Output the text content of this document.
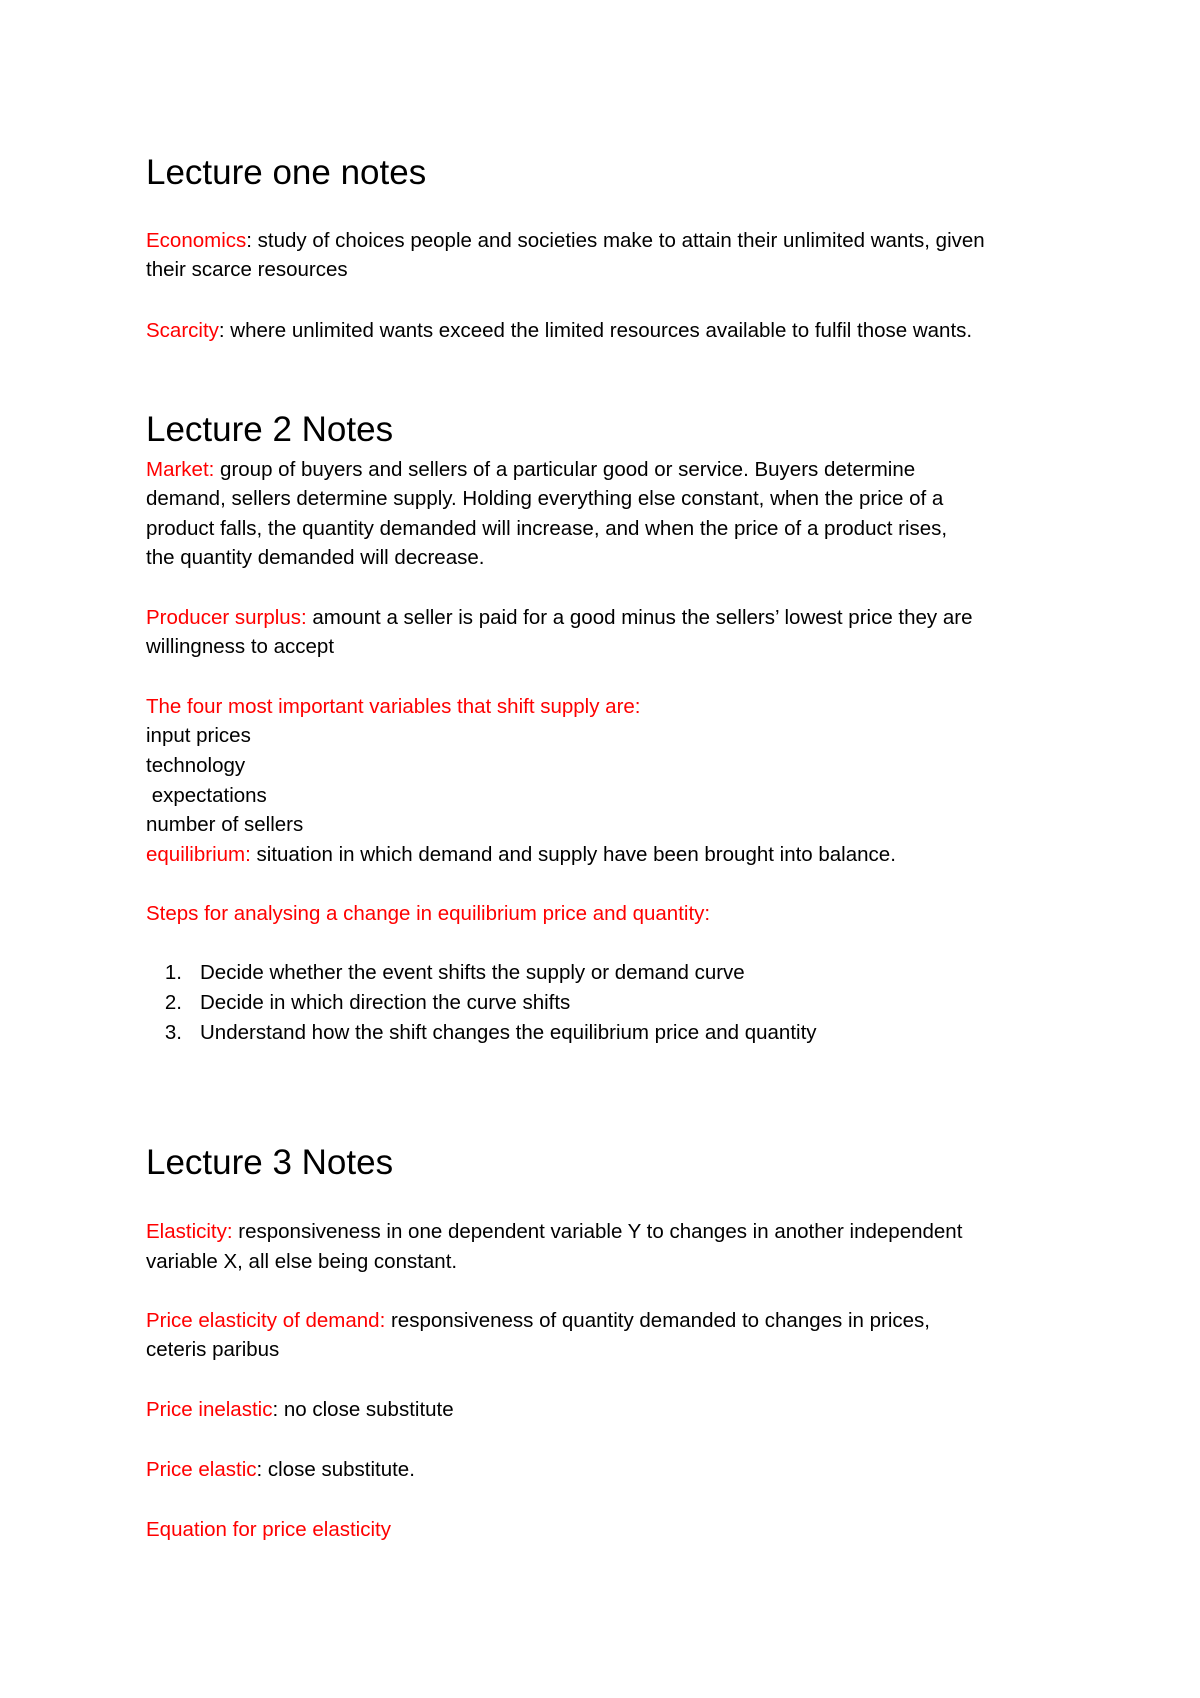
Lecture one notes
Economics: study of choices people and societies make to attain their unlimited wants, given
their scarce resources
Scarcity: where unlimited wants exceed the limited resources available to fulfil those wants.
Lecture 2 Notes
Market: group of buyers and sellers of a particular good or service. Buyers determine
demand, sellers determine supply. Holding everything else constant, when the price of a
product falls, the quantity demanded will increase, and when the price of a product rises,
the quantity demanded will decrease.
Producer surplus: amount a seller is paid for a good minus the sellers’ lowest price they are
willingness to accept
The four most important variables that shift supply are:
input prices
technology
expectations
number of sellers
equilibrium: situation in which demand and supply have been brought into balance.
Steps for analysing a change in equilibrium price and quantity:
1. Decide whether the event shifts the supply or demand curve
2. Decide in which direction the curve shifts
3. Understand how the shift changes the equilibrium price and quantity
Lecture 3 Notes
Elasticity: responsiveness in one dependent variable Y to changes in another independent
variable X, all else being constant.
Price elasticity of demand: responsiveness of quantity demanded to changes in prices,
ceteris paribus
Price inelastic: no close substitute
Price elastic: close substitute.
Equation for price elasticity
